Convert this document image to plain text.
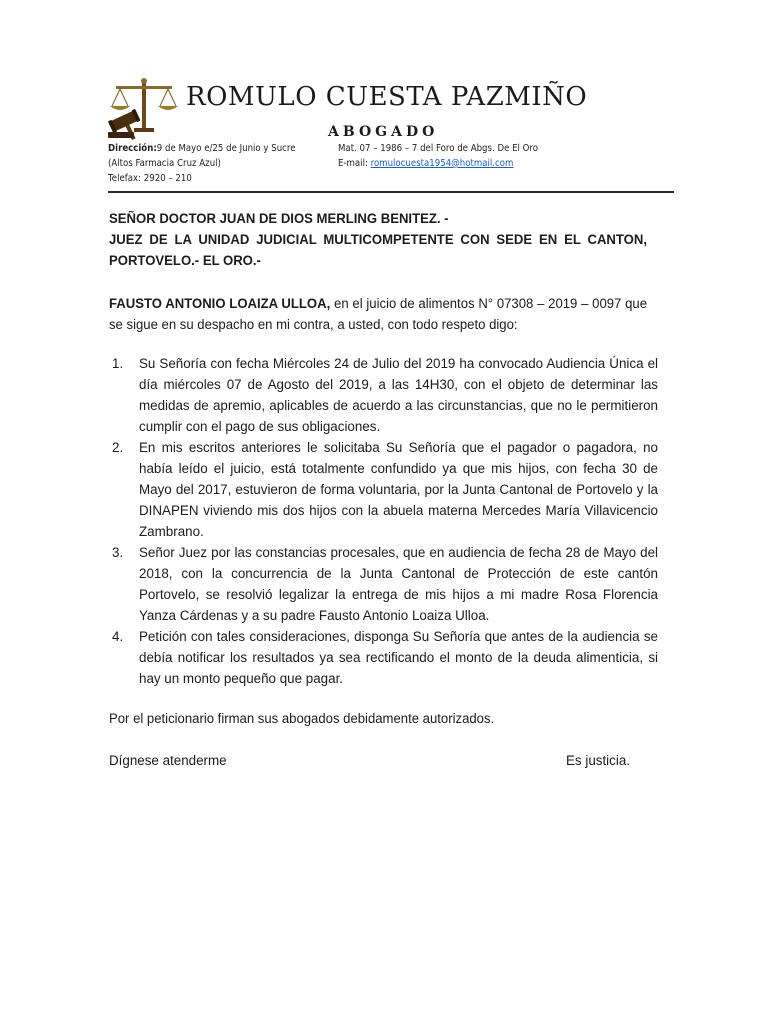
ROMULO CUESTA PAZMIÑO
ABOGADO
Dirección:9 de Mayo e/25 de Junio y Sucre
(Altos Farmacia Cruz Azul)
Telefax: 2920 – 210
Mat. 07 – 1986 – 7 del Foro de Abgs. De El Oro
E-mail: romulocuesta1954@hotmail.com
SEÑOR DOCTOR JUAN DE DIOS MERLING BENITEZ. -
JUEZ DE LA UNIDAD JUDICIAL MULTICOMPETENTE CON SEDE EN EL CANTON,
PORTOVELO.- EL ORO.-
FAUSTO ANTONIO LOAIZA ULLOA, en el juicio de alimentos N° 07308 – 2019 – 0097 que se sigue en su despacho en mi contra, a usted, con todo respeto digo:
1. Su Señoría con fecha Miércoles 24 de Julio del 2019 ha convocado Audiencia Única el día miércoles 07 de Agosto del 2019, a las 14H30, con el objeto de determinar las medidas de apremio, aplicables de acuerdo a las circunstancias, que no le permitieron cumplir con el pago de sus obligaciones.
2. En mis escritos anteriores le solicitaba Su Señoría que el pagador o pagadora, no había leído el juicio, está totalmente confundido ya que mis hijos, con fecha 30 de Mayo del 2017, estuvieron de forma voluntaria, por la Junta Cantonal de Portovelo y la DINAPEN viviendo mis dos hijos con la abuela materna Mercedes María Villavicencio Zambrano.
3. Señor Juez por las constancias procesales, que en audiencia de fecha 28 de Mayo del 2018, con la concurrencia de la Junta Cantonal de Protección de este cantón Portovelo, se resolvió legalizar la entrega de mis hijos a mi madre Rosa Florencia Yanza Cárdenas y a su padre Fausto Antonio Loaiza Ulloa.
4. Petición con tales consideraciones, disponga Su Señoría que antes de la audiencia se debía notificar los resultados ya sea rectificando el monto de la deuda alimenticia, si hay un monto pequeño que pagar.
Por el peticionario firman sus abogados debidamente autorizados.
Dígnese atenderme	Es justicia.
